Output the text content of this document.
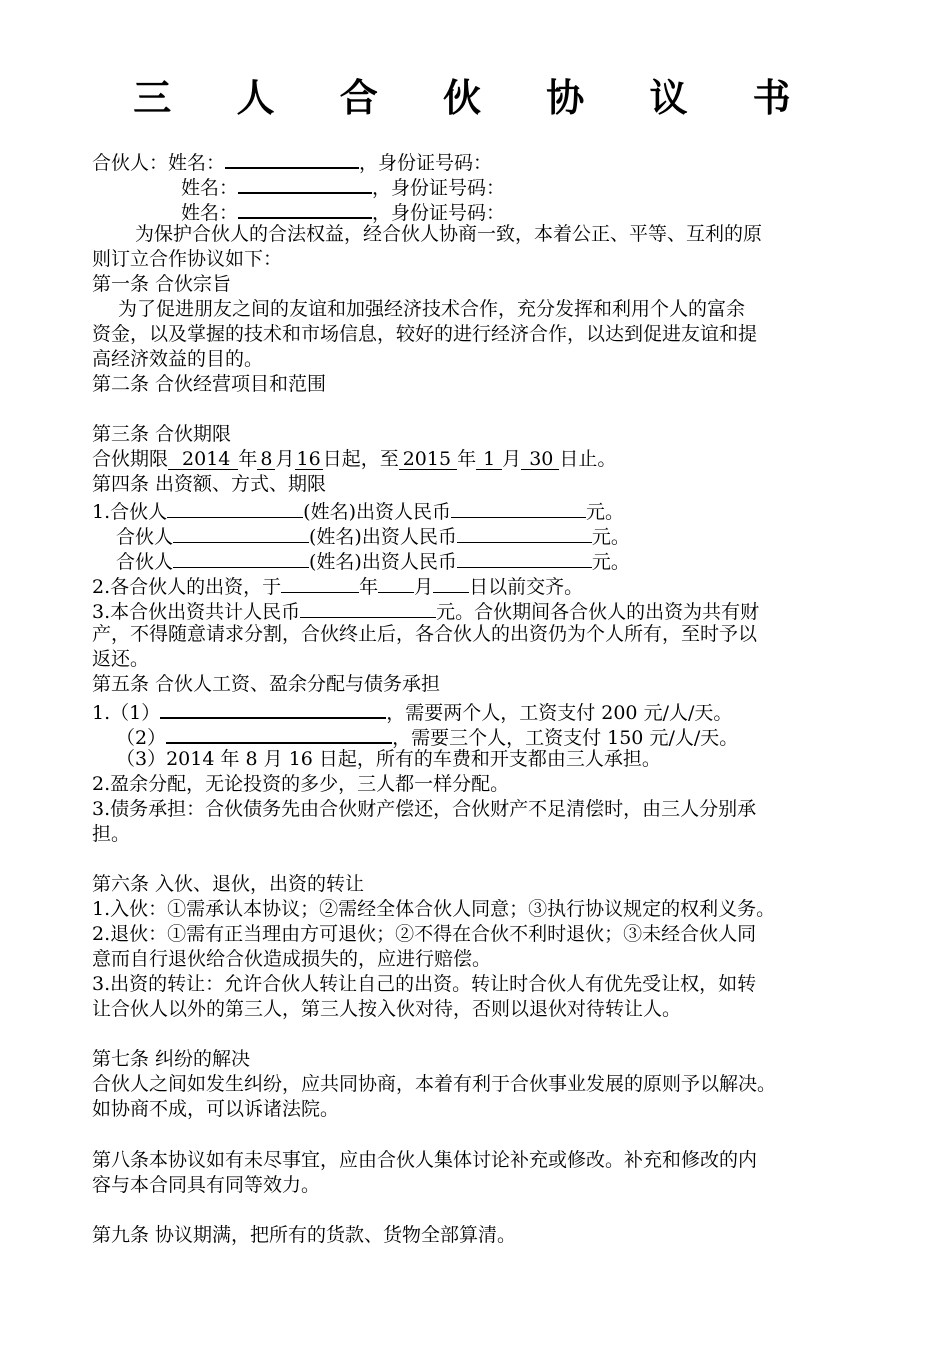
三 人 合 伙 协 议 书
合伙人：姓名：	，身份证号码：
姓名：	，身份证号码：
姓名：	，身份证号码：
为保护合伙人的合法权益，经合伙人协商一致，本着公正、平等、互利的原
则订立合作协议如下：
第一条 合伙宗旨
为了促进朋友之间的友谊和加强经济技术合作，充分发挥和利用个人的富余
资金，以及掌握的技术和市场信息，较好的进行经济合作，以达到促进友谊和提
高经济效益的目的。
第二条 合伙经营项目和范围
第三条 合伙期限
合伙期限 2014 年 8 月 16 日起，至 2015 年 1 月 30 日止。
第四条 出资额、方式、期限
1.合伙人	(姓名)出资人民币	元。
合伙人	(姓名)出资人民币	元。
合伙人	(姓名)出资人民币	元。
2.各合伙人的出资，于	年 月 日以前交齐。
3.本合伙出资共计人民币	元。合伙期间各合伙人的出资为共有财
产，不得随意请求分割，合伙终止后，各合伙人的出资仍为个人所有，至时予以
返还。
第五条 合伙人工资、盈余分配与债务承担
1.（1）	，需要两个人，工资支付 200 元/人/天。
（2）	，需要三个人，工资支付 150 元/人/天。
（3）2014 年 8 月 16 日起，所有的车费和开支都由三人承担。
2.盈余分配，无论投资的多少，三人都一样分配。
3.债务承担：合伙债务先由合伙财产偿还，合伙财产不足清偿时，由三人分别承
担。
第六条 入伙、退伙，出资的转让
1.入伙：①需承认本协议；②需经全体合伙人同意；③执行协议规定的权利义务。
2.退伙：①需有正当理由方可退伙；②不得在合伙不利时退伙；③未经合伙人同
意而自行退伙给合伙造成损失的，应进行赔偿。
3.出资的转让：允许合伙人转让自己的出资。转让时合伙人有优先受让权，如转
让合伙人以外的第三人，第三人按入伙对待，否则以退伙对待转让人。
第七条 纠纷的解决
合伙人之间如发生纠纷，应共同协商，本着有利于合伙事业发展的原则予以解决。
如协商不成，可以诉诸法院。
第八条本协议如有未尽事宜，应由合伙人集体讨论补充或修改。补充和修改的内
容与本合同具有同等效力。
第九条 协议期满，把所有的货款、货物全部算清。
